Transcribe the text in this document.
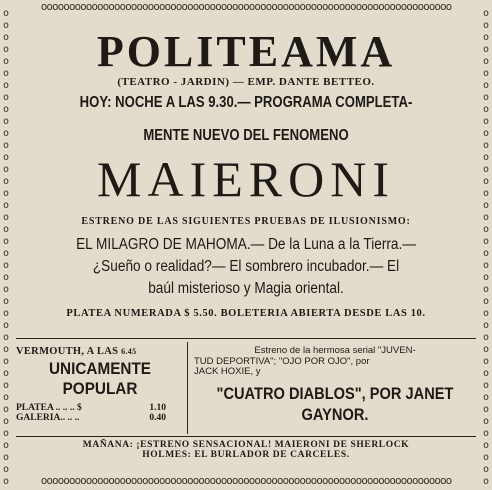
ooooooooooooooooooooooooooooooooooooooooooooooooooooooooooooooooooooooooo
ooooooooooooooooooooooooooooooooooooooooooooooooooooooooooooooooooooooooo
oooooooooooooooooooooooooooooooooooooooo
oooooooooooooooooooooooooooooooooooooooo
POLITEAMA
(TEATRO - JARDIN) — EMP. DANTE BETTEO.
HOY: NOCHE A LAS 9.30.— PROGRAMA COMPLETA-
MENTE NUEVO DEL FENOMENO
MAIERONI
ESTRENO DE LAS SIGUIENTES PRUEBAS DE ILUSIONISMO:
EL MILAGRO DE MAHOMA.— De la Luna a la Tierra.—
¿Sueño o realidad?— El sombrero incubador.— El
baúl misterioso y Magia oriental.
PLATEA NUMERADA $ 5.50. BOLETERIA ABIERTA DESDE LAS 10.
VERMOUTH, A LAS 6.45
UNICAMENTE
POPULAR
PLATEA .. .. .. $	1.10
GALERIA.. .. ..	0.40
Estreno de la hermosa serial "JUVEN-
TUD DEPORTIVA"; "OJO POR OJO", por
JACK HOXIE, y
"CUATRO DIABLOS", POR JANET
GAYNOR.
MAÑANA: ¡ESTRENO SENSACIONAL! MAIERONI DE SHERLOCK
HOLMES: EL BURLADOR DE CARCELES.
